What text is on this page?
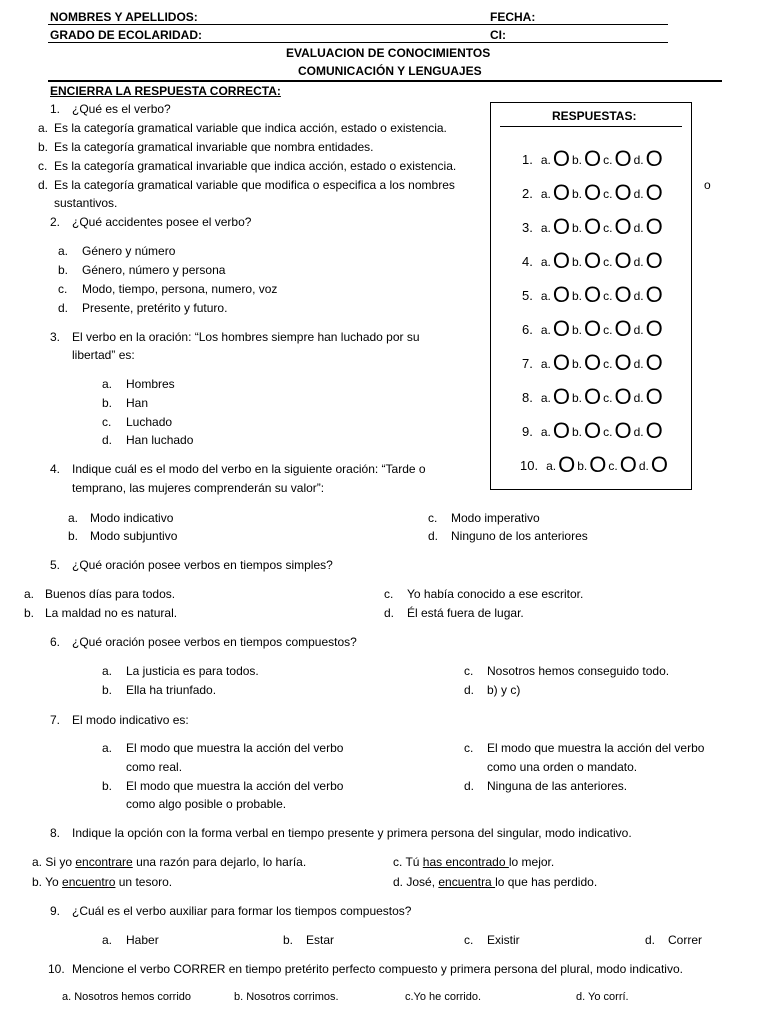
NOMBRES Y APELLIDOS:	FECHA:
GRADO DE ECOLARIDAD:	CI:
EVALUACION DE CONOCIMIENTOS
COMUNICACIÓN Y LENGUAJES
ENCIERRA LA RESPUESTA CORRECTA:
1. ¿Qué es el verbo?
a. Es la categoría gramatical variable que indica acción, estado o existencia.
b. Es la categoría gramatical invariable que nombra entidades.
c. Es la categoría gramatical invariable que indica acción, estado o existencia.
d. Es la categoría gramatical variable que modifica o especifica a los nombres
sustantivos.
2. ¿Qué accidentes posee el verbo?
a. Género y número
b. Género, número y persona
c. Modo, tiempo, persona, numero, voz
d. Presente, pretérito y futuro.
3. El verbo en la oración: “Los hombres siempre han luchado por su
libertad” es:
a. Hombres
b. Han
c. Luchado
d. Han luchado
4. Indique cuál es el modo del verbo en la siguiente oración: “Tarde o
temprano, las mujeres comprenderán su valor”:
a. Modo indicativo
b. Modo subjuntivo
c. Modo imperativo
d. Ninguno de los anteriores
5. ¿Qué oración posee verbos en tiempos simples?
a. Buenos días para todos.
b. La maldad no es natural.
c. Yo había conocido a ese escritor.
d. Él está fuera de lugar.
6. ¿Qué oración posee verbos en tiempos compuestos?
a. La justicia es para todos.
b. Ella ha triunfado.
c. Nosotros hemos conseguido todo.
d. b) y c)
7. El modo indicativo es:
a. El modo que muestra la acción del verbo
como real.
b. El modo que muestra la acción del verbo
como algo posible o probable.
c. El modo que muestra la acción del verbo
como una orden o mandato.
d. Ninguna de las anteriores.
8. Indique la opción con la forma verbal en tiempo presente y primera persona del singular, modo indicativo.
a. Si yo encontrare una razón para dejarlo, lo haría.
b. Yo encuentro un tesoro.
c. Tú has encontrado lo mejor.
d. José, encuentra lo que has perdido.
9. ¿Cuál es el verbo auxiliar para formar los tiempos compuestos?
a. Haber	b. Estar	c. Existir	d. Correr
10. Mencione el verbo CORRER en tiempo pretérito perfecto compuesto y primera persona del plural, modo indicativo.
a. Nosotros hemos corrido	b. Nosotros corrimos.	c.Yo he corrido.	d. Yo corrí.
RESPUESTAS:
1. a.O b.O c.O d.O
2. a.O b.O c.O d.O
3. a.O b.O c.O d.O
4. a.O b.O c.O d.O
5. a.O b.O c.O d.O
6. a.O b.O c.O d.O
7. a.O b.O c.O d.O
8. a.O b.O c.O d.O
9. a.O b.O c.O d.O
10. a.O b.O c.O d.O
o
